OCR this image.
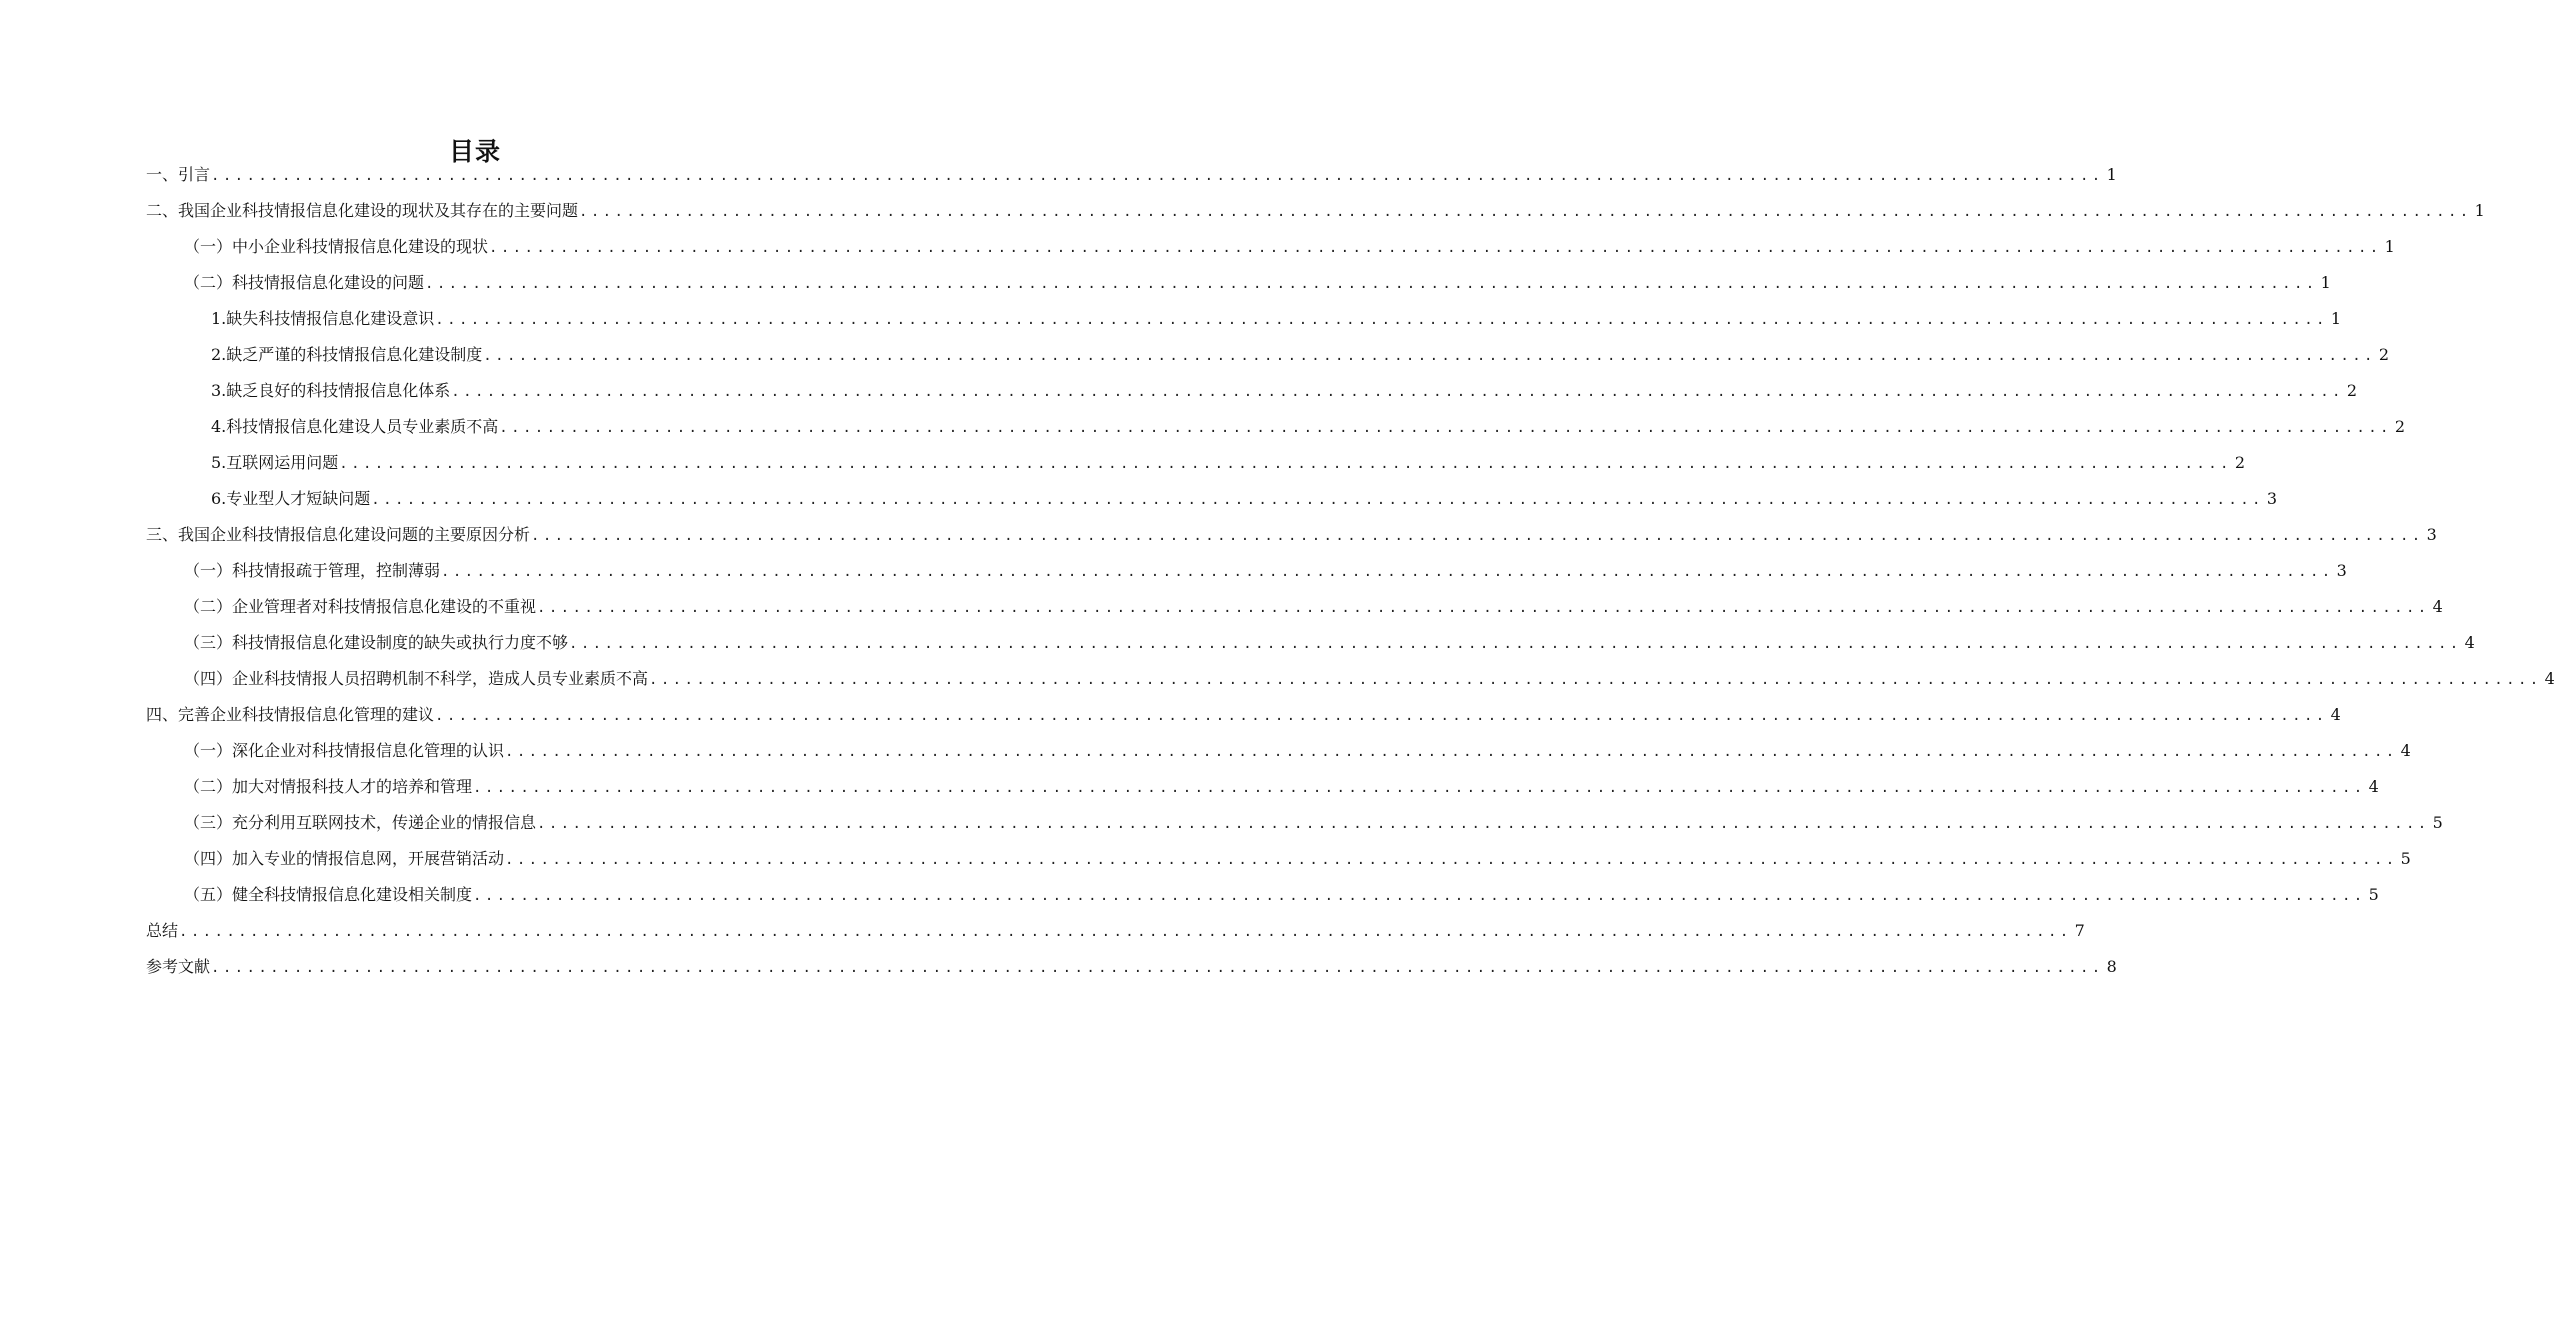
目录
一、引言 ................................................................................................................................................................ 1
二、我国企业科技情报信息化建设的现状及其存在的主要问题 ................................................................................................................................................................ 1
（一）中小企业科技情报信息化建设的现状 ................................................................................................................................................................ 1
（二）科技情报信息化建设的问题 ................................................................................................................................................................ 1
1.缺失科技情报信息化建设意识 ................................................................................................................................................................ 1
2.缺乏严谨的科技情报信息化建设制度 ................................................................................................................................................................ 2
3.缺乏良好的科技情报信息化体系 ................................................................................................................................................................ 2
4.科技情报信息化建设人员专业素质不高 ................................................................................................................................................................ 2
5.互联网运用问题 ................................................................................................................................................................ 2
6.专业型人才短缺问题 ................................................................................................................................................................ 3
三、我国企业科技情报信息化建设问题的主要原因分析 ................................................................................................................................................................ 3
（一）科技情报疏于管理，控制薄弱 ................................................................................................................................................................ 3
（二）企业管理者对科技情报信息化建设的不重视 ................................................................................................................................................................ 4
（三）科技情报信息化建设制度的缺失或执行力度不够 ................................................................................................................................................................ 4
（四）企业科技情报人员招聘机制不科学，造成人员专业素质不高 ................................................................................................................................................................ 4
四、完善企业科技情报信息化管理的建议 ................................................................................................................................................................ 4
（一）深化企业对科技情报信息化管理的认识 ................................................................................................................................................................ 4
（二）加大对情报科技人才的培养和管理 ................................................................................................................................................................ 4
（三）充分利用互联网技术，传递企业的情报信息 ................................................................................................................................................................ 5
（四）加入专业的情报信息网，开展营销活动 ................................................................................................................................................................ 5
（五）健全科技情报信息化建设相关制度 ................................................................................................................................................................ 5
总结 ................................................................................................................................................................ 7
参考文献 ................................................................................................................................................................ 8
